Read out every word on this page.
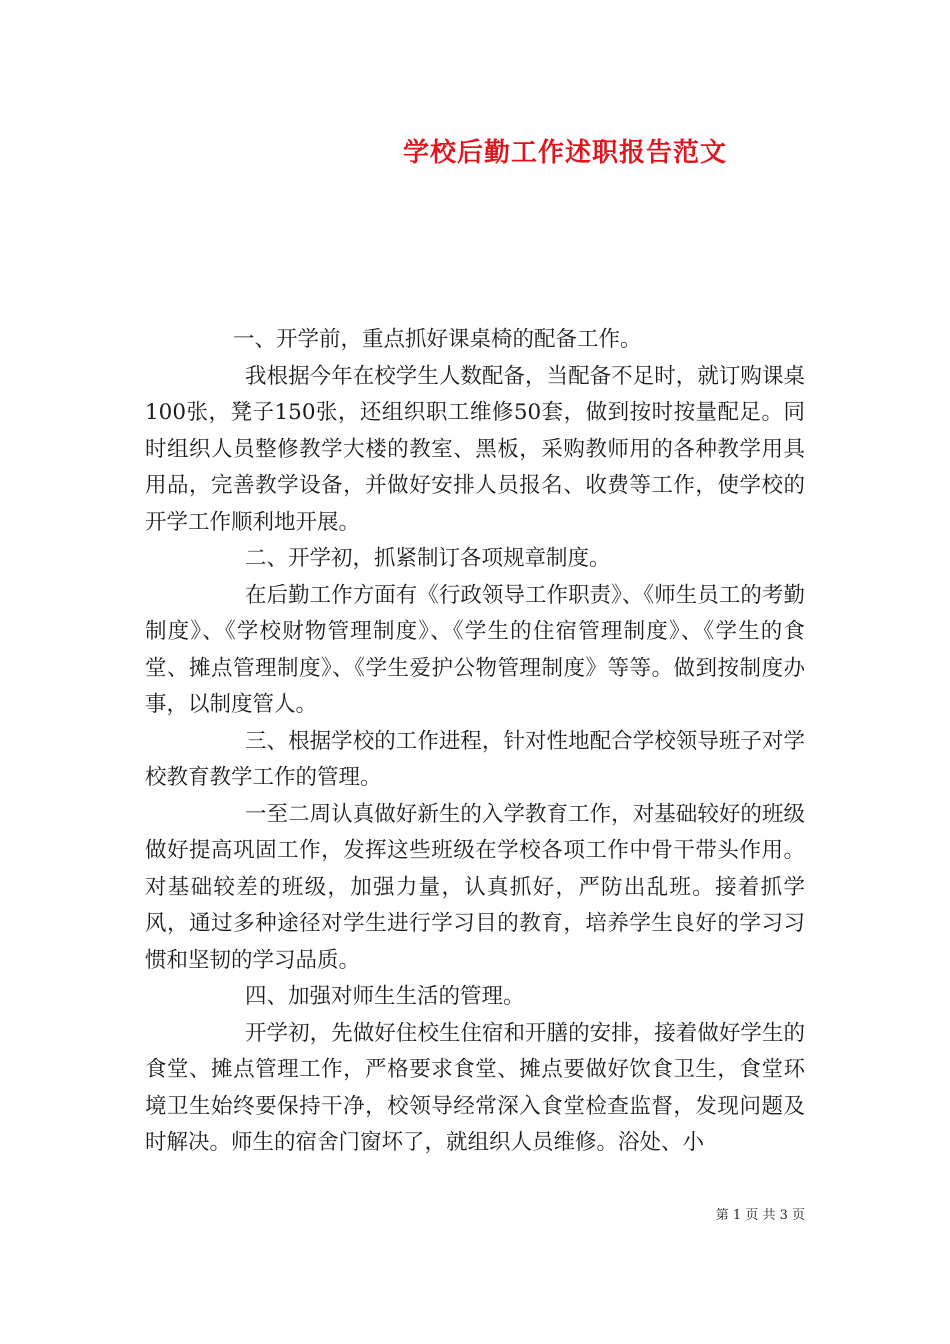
学校后勤工作述职报告范文

一、开学前，重点抓好课桌椅的配备工作。

我根据今年在校学生人数配备，当配备不足时，就订购课桌100张，凳子150张，还组织职工维修50套，做到按时按量配足。同时组织人员整修教学大楼的教室、黑板，采购教师用的各种教学用具用品，完善教学设备，并做好安排人员报名、收费等工作，使学校的开学工作顺利地开展。

二、开学初，抓紧制订各项规章制度。

在后勤工作方面有《行政领导工作职责》、《师生员工的考勤制度》、《学校财物管理制度》、《学生的住宿管理制度》、《学生的食堂、摊点管理制度》、《学生爱护公物管理制度》等等。做到按制度办事，以制度管人。

三、根据学校的工作进程，针对性地配合学校领导班子对学校教育教学工作的管理。

一至二周认真做好新生的入学教育工作，对基础较好的班级做好提高巩固工作，发挥这些班级在学校各项工作中骨干带头作用。对基础较差的班级，加强力量，认真抓好，严防出乱班。接着抓学风，通过多种途径对学生进行学习目的教育，培养学生良好的学习习惯和坚韧的学习品质。

四、加强对师生生活的管理。

开学初，先做好住校生住宿和开膳的安排，接着做好学生的食堂、摊点管理工作，严格要求食堂、摊点要做好饮食卫生，食堂环境卫生始终要保持干净，校领导经常深入食堂检查监督，发现问题及时解决。师生的宿舍门窗坏了，就组织人员维修。浴处、小

第 1 页 共 3 页
